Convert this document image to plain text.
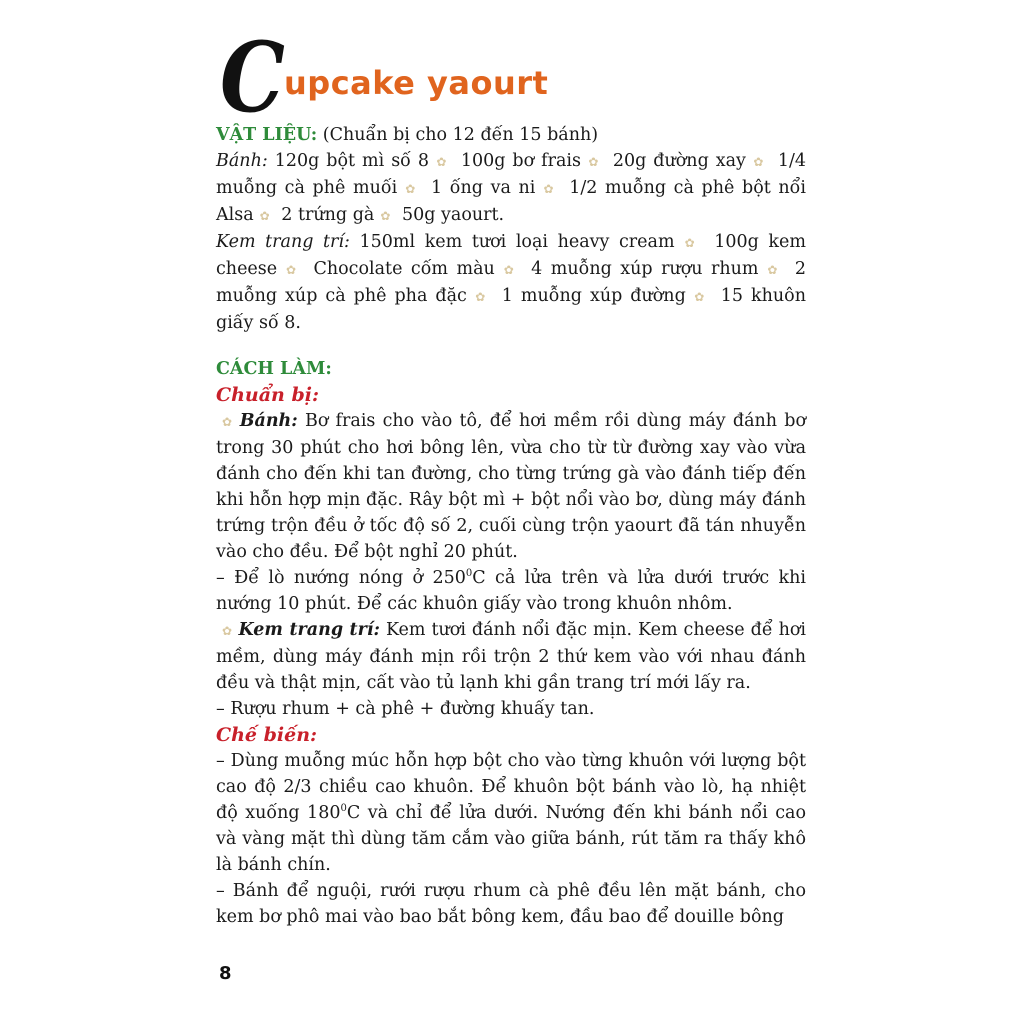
C upcake yaourt
VẬT LIỆU: (Chuẩn bị cho 12 đến 15 bánh)
Bánh: 120g bột mì số 8 ✿ 100g bơ frais ✿ 20g đường xay ✿ 1/4 muỗng cà phê muối ✿ 1 ống va ni ✿ 1/2 muỗng cà phê bột nổi Alsa ✿ 2 trứng gà ✿ 50g yaourt.
Kem trang trí: 150ml kem tươi loại heavy cream ✿ 100g kem cheese ✿ Chocolate cốm màu ✿ 4 muỗng xúp rượu rhum ✿ 2 muỗng xúp cà phê pha đặc ✿ 1 muỗng xúp đường ✿ 15 khuôn giấy số 8.
CÁCH LÀM:
Chuẩn bị:
✿ Bánh: Bơ frais cho vào tô, để hơi mềm rồi dùng máy đánh bơ trong 30 phút cho hơi bông lên, vừa cho từ từ đường xay vào vừa đánh cho đến khi tan đường, cho từng trứng gà vào đánh tiếp đến khi hỗn hợp mịn đặc. Rây bột mì + bột nổi vào bơ, dùng máy đánh trứng trộn đều ở tốc độ số 2, cuối cùng trộn yaourt đã tán nhuyễn vào cho đều. Để bột nghỉ 20 phút.
– Để lò nướng nóng ở $250^0C$ cả lửa trên và lửa dưới trước khi nướng 10 phút. Để các khuôn giấy vào trong khuôn nhôm.
✿ Kem trang trí: Kem tươi đánh nổi đặc mịn. Kem cheese để hơi mềm, dùng máy đánh mịn rồi trộn 2 thứ kem vào với nhau đánh đều và thật mịn, cất vào tủ lạnh khi gần trang trí mới lấy ra.
– Rượu rhum + cà phê + đường khuấy tan.
Chế biến:
– Dùng muỗng múc hỗn hợp bột cho vào từng khuôn với lượng bột cao độ 2/3 chiều cao khuôn. Để khuôn bột bánh vào lò, hạ nhiệt độ xuống $180^0C$ và chỉ để lửa dưới. Nướng đến khi bánh nổi cao và vàng mặt thì dùng tăm cắm vào giữa bánh, rút tăm ra thấy khô là bánh chín.
– Bánh để nguội, rưới rượu rhum cà phê đều lên mặt bánh, cho kem bơ phô mai vào bao bắt bông kem, đầu bao để douille bông
8
